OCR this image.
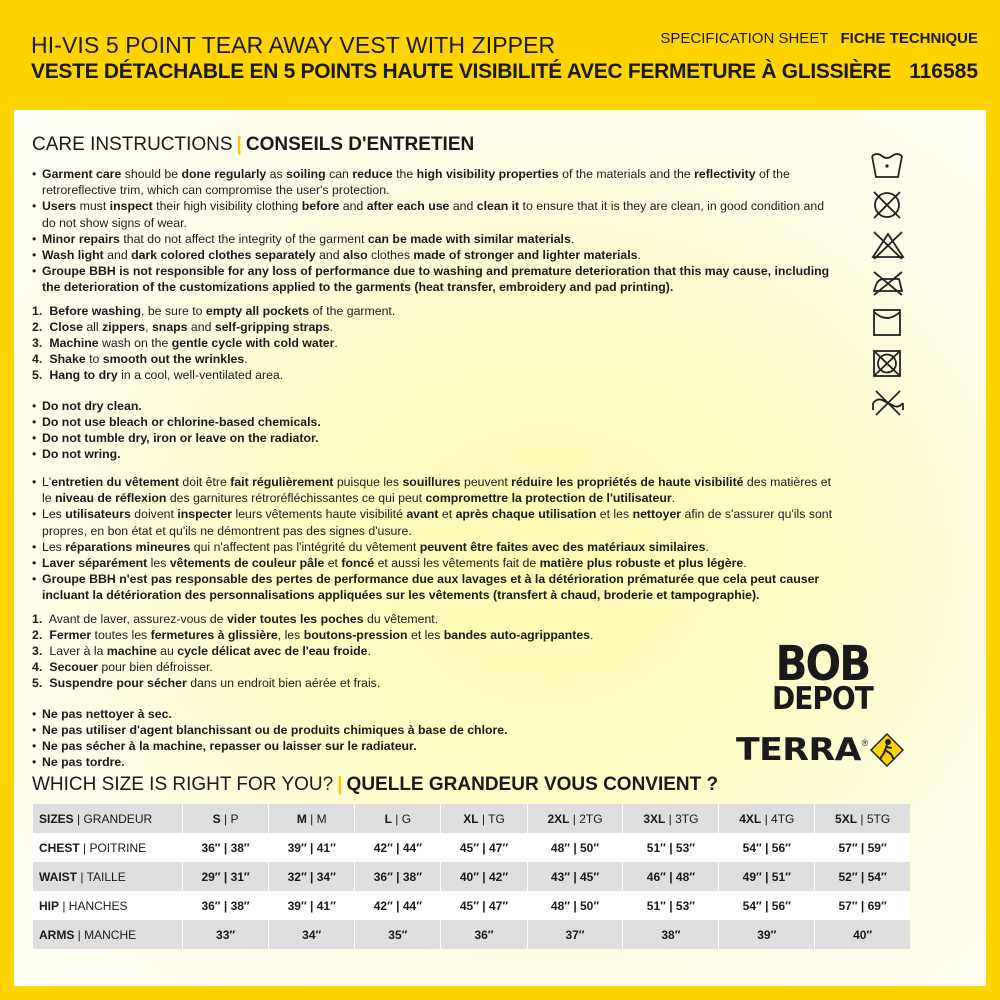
HI-VIS 5 POINT TEAR AWAY VEST WITH ZIPPER
VESTE DÉTACHABLE EN 5 POINTS HAUTE VISIBILITÉ AVEC FERMETURE À GLISSIÈRE
SPECIFICATION SHEET FICHE TECHNIQUE
116585
CARE INSTRUCTIONS | CONSEILS D'ENTRETIEN
• Garment care should be done regularly as soiling can reduce the high visibility properties of the materials and the reflectivity of the retroreflective trim, which can compromise the user's protection.
• Users must inspect their high visibility clothing before and after each use and clean it to ensure that it is they are clean, in good condition and do not show signs of wear.
• Minor repairs that do not affect the integrity of the garment can be made with similar materials.
• Wash light and dark colored clothes separately and also clothes made of stronger and lighter materials.
• Groupe BBH is not responsible for any loss of performance due to washing and premature deterioration that this may cause, including the deterioration of the customizations applied to the garments (heat transfer, embroidery and pad printing).
1. Before washing, be sure to empty all pockets of the garment.
2. Close all zippers, snaps and self-gripping straps.
3. Machine wash on the gentle cycle with cold water.
4. Shake to smooth out the wrinkles.
5. Hang to dry in a cool, well-ventilated area.
• Do not dry clean.
• Do not use bleach or chlorine-based chemicals.
• Do not tumble dry, iron or leave on the radiator.
• Do not wring.
• L'entretien du vêtement doit être fait régulièrement puisque les souillures peuvent réduire les propriétés de haute visibilité des matières et le niveau de réflexion des garnitures rétroréfléchissantes ce qui peut compromettre la protection de l'utilisateur.
• Les utilisateurs doivent inspecter leurs vêtements haute visibilité avant et après chaque utilisation et les nettoyer afin de s'assurer qu'ils sont propres, en bon état et qu'ils ne démontrent pas des signes d'usure.
• Les réparations mineures qui n'affectent pas l'intégrité du vêtement peuvent être faites avec des matériaux similaires.
• Laver séparément les vêtements de couleur pâle et foncé et aussi les vêtements fait de matière plus robuste et plus légère.
• Groupe BBH n'est pas responsable des pertes de performance due aux lavages et à la détérioration prématurée que cela peut causer incluant la détérioration des personnalisations appliquées sur les vêtements (transfert à chaud, broderie et tampographie).
1. Avant de laver, assurez-vous de vider toutes les poches du vêtement.
2. Fermer toutes les fermetures à glissière, les boutons-pression et les bandes auto-agrippantes.
3. Laver à la machine au cycle délicat avec de l'eau froide.
4. Secouer pour bien défroisser.
5. Suspendre pour sécher dans un endroit bien aérée et frais.
• Ne pas nettoyer à sec.
• Ne pas utiliser d'agent blanchissant ou de produits chimiques à base de chlore.
• Ne pas sécher à la machine, repasser ou laisser sur le radiateur.
• Ne pas tordre.
BOB
DEPOT
TERRA ®
WHICH SIZE IS RIGHT FOR YOU? | QUELLE GRANDEUR VOUS CONVIENT ?
SIZES | GRANDEUR	S | P	M | M	L | G	XL | TG	2XL | 2TG	3XL | 3TG	4XL | 4TG	5XL | 5TG
CHEST | POITRINE	36″ | 38″	39″ | 41″	42″ | 44″	45″ | 47″	48″ | 50″	51″ | 53″	54″ | 56″	57″ | 59″
WAIST | TAILLE	29″ | 31″	32″ | 34″	36″ | 38″	40″ | 42″	43″ | 45″	46″ | 48″	49″ | 51″	52″ | 54″
HIP | HANCHES	36″ | 38″	39″ | 41″	42″ | 44″	45″ | 47″	48″ | 50″	51″ | 53″	54″ | 56″	57″ | 69″
ARMS | MANCHE	33″	34″	35″	36″	37″	38″	39″	40″
